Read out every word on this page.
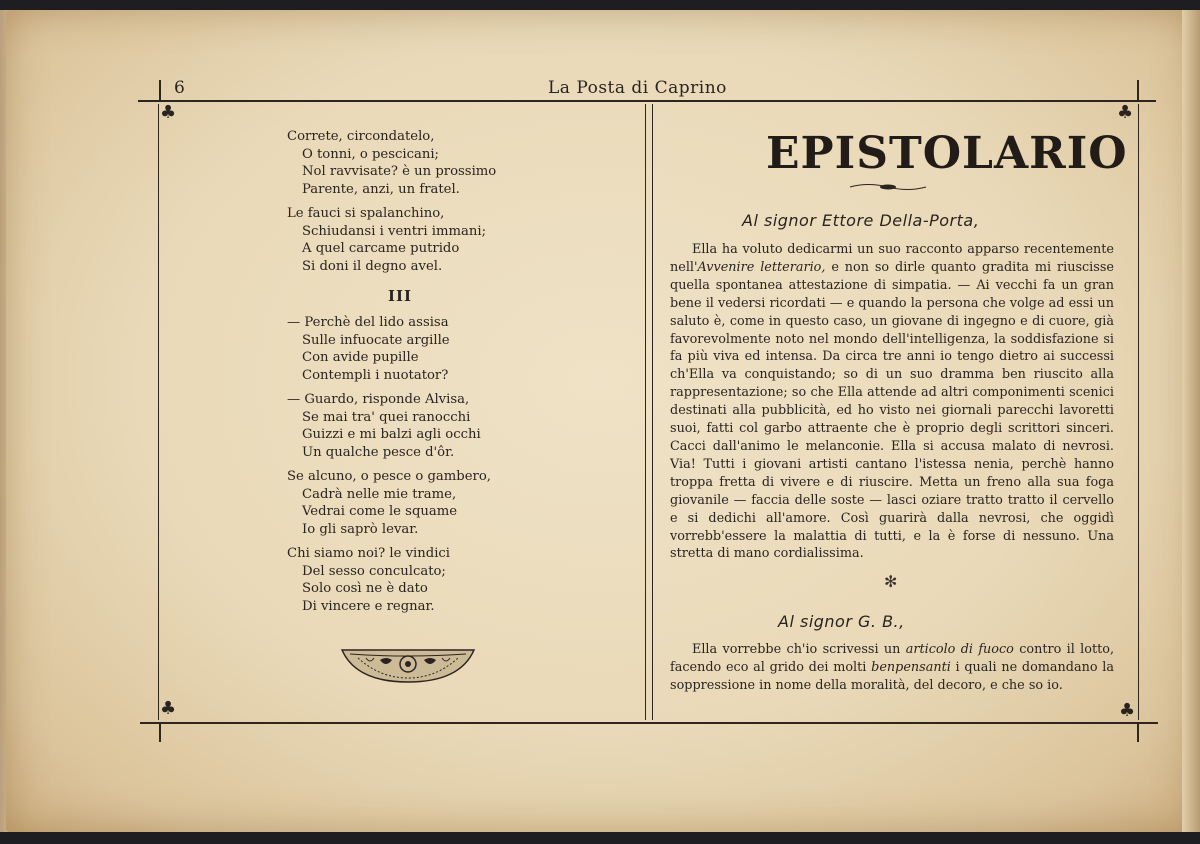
6	La Posta di Caprino
♣	♣
♣	♣
Correte, circondatelo,
O tonni, o pescicani;
Nol ravvisate? è un prossimo
Parente, anzi, un fratel.
Le fauci si spalanchino,
Schiudansi i ventri immani;
A quel carcame putrido
Si doni il degno avel.
III
— Perchè del lido assisa
Sulle infuocate argille
Con avide pupille
Contempli i nuotator?
— Guardo, risponde Alvisa,
Se mai tra' quei ranocchi
Guizzi e mi balzi agli occhi
Un qualche pesce d'ôr.
Se alcuno, o pesce o gambero,
Cadrà nelle mie trame,
Vedrai come le squame
Io gli saprò levar.
Chi siamo noi? le vindici
Del sesso conculcato;
Solo così ne è dato
Di vincere e regnar.
EPISTOLARIO
Al signor Ettore Della-Porta,
Ella ha voluto dedicarmi un suo racconto apparso recentemente nell'Avvenire letterario, e non so dirle quanto gradita mi riuscisse quella spontanea attestazione di simpatia. — Ai vecchi fa un gran bene il vedersi ricordati — e quando la persona che volge ad essi un saluto è, come in questo caso, un giovane di ingegno e di cuore, già favorevolmente noto nel mondo dell'intelligenza, la soddisfazione si fa più viva ed intensa. Da circa tre anni io tengo dietro ai successi ch'Ella va conquistando; so di un suo dramma ben riuscito alla rappresentazione; so che Ella attende ad altri componimenti scenici destinati alla pubblicità, ed ho visto nei giornali parecchi lavoretti suoi, fatti col garbo attraente che è proprio degli scrittori sinceri. Cacci dall'animo le melanconie. Ella si accusa malato di nevrosi. Via! Tutti i giovani artisti cantano l'istessa nenia, perchè hanno troppa fretta di vivere e di riuscire. Metta un freno alla sua foga giovanile — faccia delle soste — lasci oziare tratto tratto il cervello e si dedichi all'amore. Così guarirà dalla nevrosi, che oggidì vorrebb'essere la malattia di tutti, e la è forse di nessuno. Una stretta di mano cordialissima.
✻
Al signor G. B.,
Ella vorrebbe ch'io scrivessi un articolo di fuoco contro il lotto, facendo eco al grido dei molti benpensanti i quali ne domandano la soppressione in nome della moralità, del decoro, e che so io.
